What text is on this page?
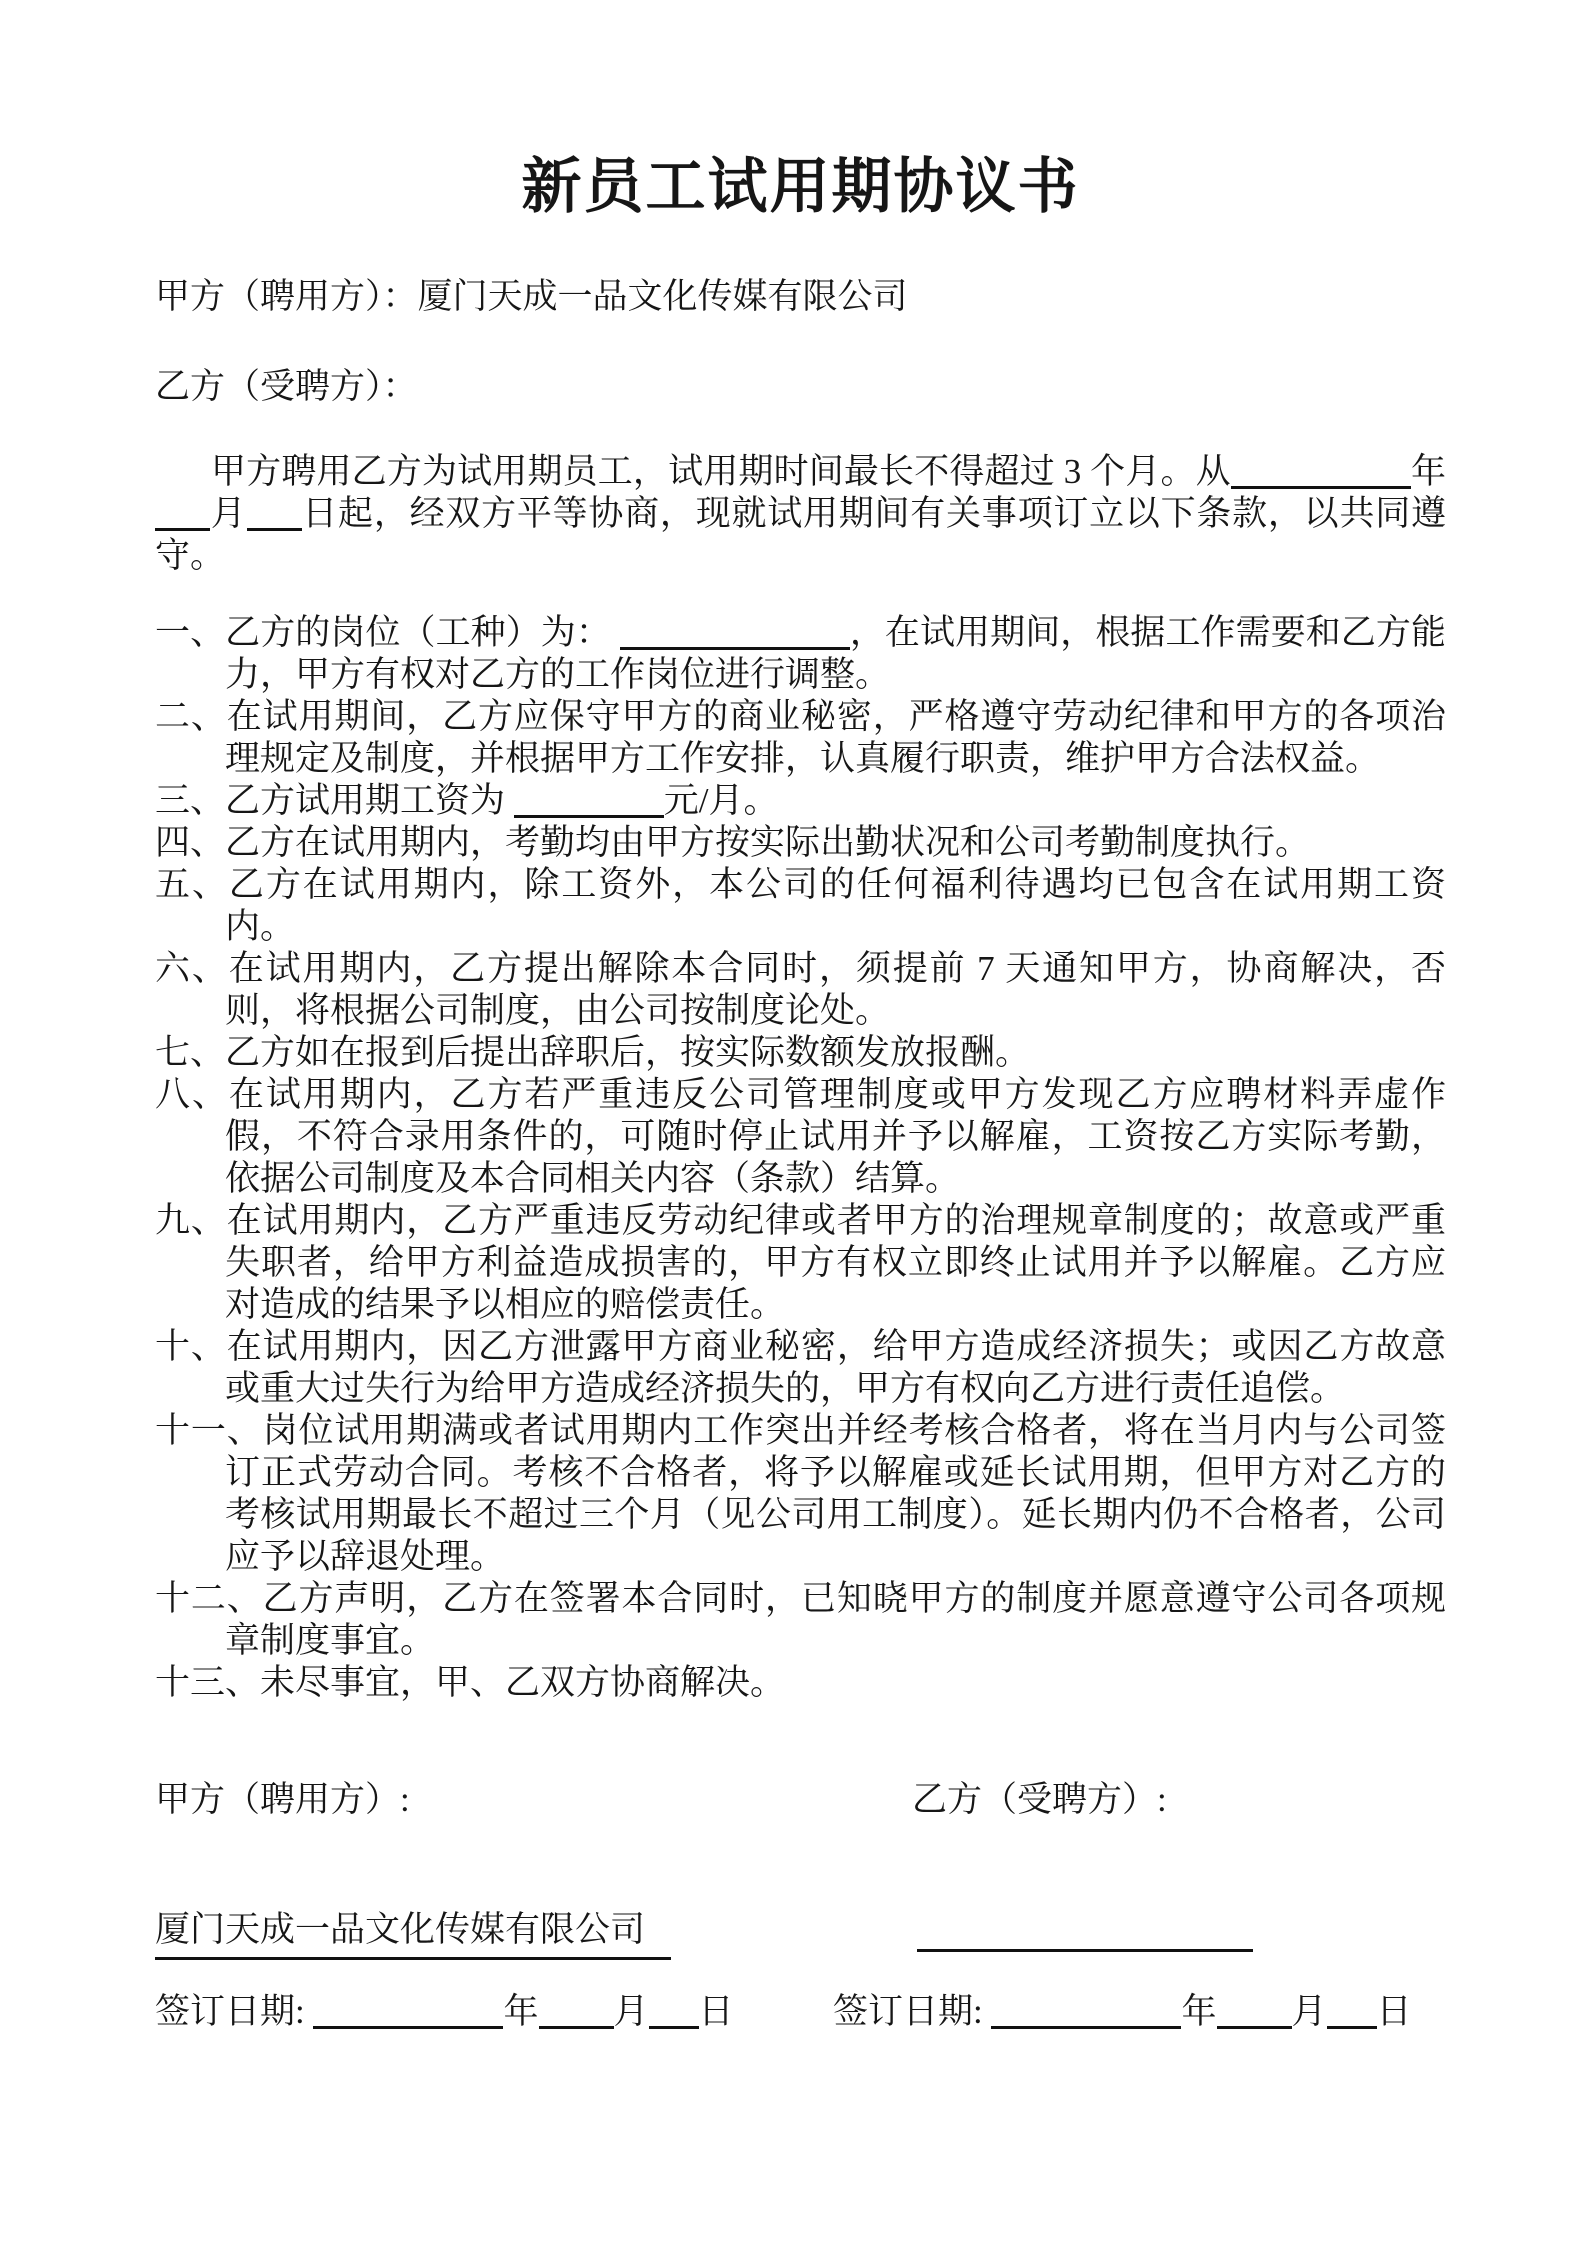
新员工试用期协议书
甲方（聘用方）：厦门天成一品文化传媒有限公司
乙方（受聘方）：

甲方聘用乙方为试用期员工，试用期时间最长不得超过 3 个月。从	年月 日起，经双方平等协商，现就试用期间有关事项订立以下条款，以共同遵守。

一、乙方的岗位（工种）为：	，在试用期间，根据工作需要和乙方能力，甲方有权对乙方的工作岗位进行调整。
二、在试用期间，乙方应保守甲方的商业秘密，严格遵守劳动纪律和甲方的各项治理规定及制度，并根据甲方工作安排，认真履行职责，维护甲方合法权益。
三、乙方试用期工资为	元/月。
四、乙方在试用期内，考勤均由甲方按实际出勤状况和公司考勤制度执行。
五、乙方在试用期内，除工资外，本公司的任何福利待遇均已包含在试用期工资内。
六、在试用期内，乙方提出解除本合同时，须提前 7 天通知甲方，协商解决，否则，将根据公司制度，由公司按制度论处。
七、乙方如在报到后提出辞职后，按实际数额发放报酬。
八、在试用期内，乙方若严重违反公司管理制度或甲方发现乙方应聘材料弄虚作假，不符合录用条件的，可随时停止试用并予以解雇，工资按乙方实际考勤，依据公司制度及本合同相关内容（条款）结算。
九、在试用期内，乙方严重违反劳动纪律或者甲方的治理规章制度的；故意或严重失职者，给甲方利益造成损害的，甲方有权立即终止试用并予以解雇。乙方应对造成的结果予以相应的赔偿责任。
十、在试用期内，因乙方泄露甲方商业秘密，给甲方造成经济损失；或因乙方故意或重大过失行为给甲方造成经济损失的，甲方有权向乙方进行责任追偿。
十一、岗位试用期满或者试用期内工作突出并经考核合格者，将在当月内与公司签订正式劳动合同。考核不合格者，将予以解雇或延长试用期，但甲方对乙方的考核试用期最长不超过三个月（见公司用工制度）。延长期内仍不合格者，公司应予以辞退处理。
十二、乙方声明，乙方在签署本合同时，已知晓甲方的制度并愿意遵守公司各项规章制度事宜。
十三、未尽事宜，甲、乙双方协商解决。
甲方（聘用方）:	乙方（受聘方）:
厦门天成一品文化传媒有限公司
签订日期:	年 月 日	签订日期:	年 月 日
